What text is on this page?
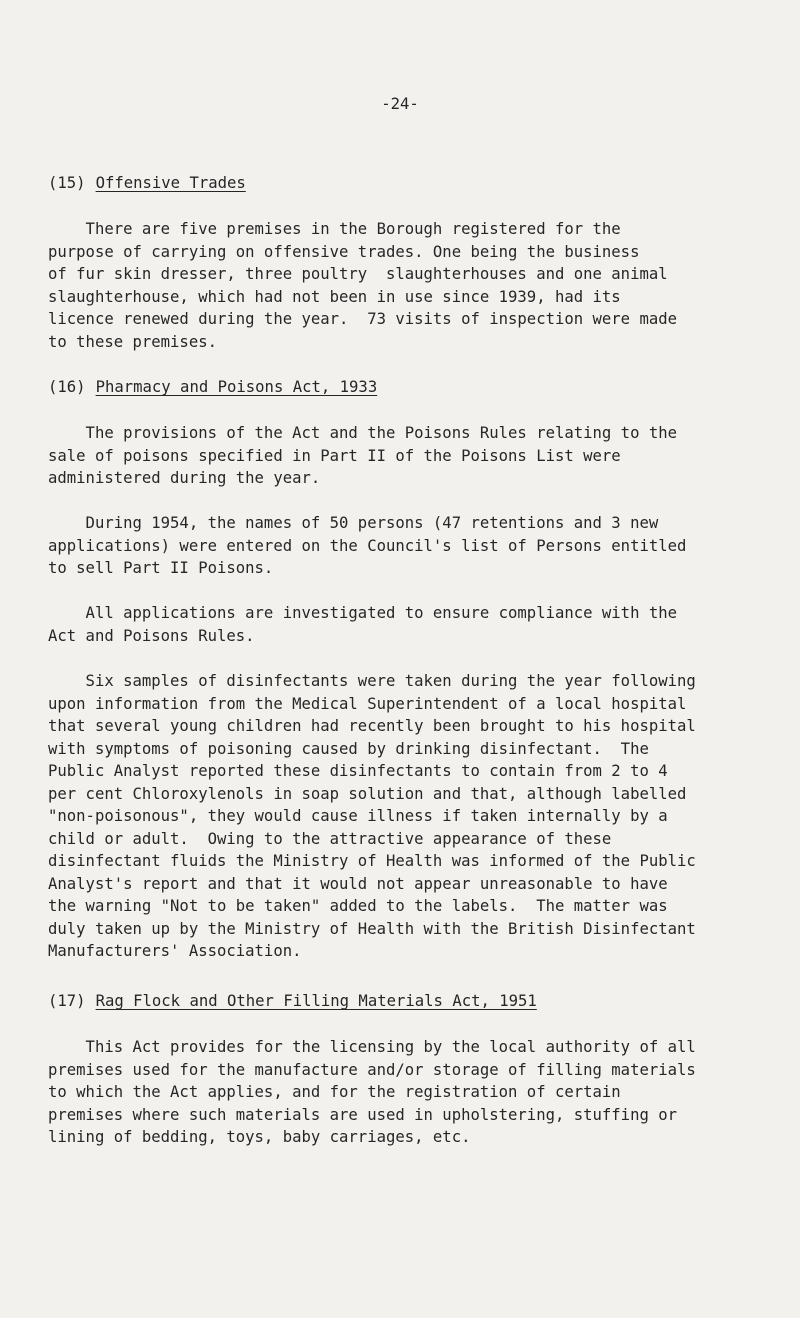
-24-
(15) Offensive Trades
There are five premises in the Borough registered for the
purpose of carrying on offensive trades. One being the business
of fur skin dresser, three poultry  slaughterhouses and one animal
slaughterhouse, which had not been in use since 1939, had its
licence renewed during the year.  73 visits of inspection were made
to these premises.
(16) Pharmacy and Poisons Act, 1933
The provisions of the Act and the Poisons Rules relating to the
sale of poisons specified in Part II of the Poisons List were
administered during the year.
During 1954, the names of 50 persons (47 retentions and 3 new
applications) were entered on the Council's list of Persons entitled
to sell Part II Poisons.
All applications are investigated to ensure compliance with the
Act and Poisons Rules.
Six samples of disinfectants were taken during the year following
upon information from the Medical Superintendent of a local hospital
that several young children had recently been brought to his hospital
with symptoms of poisoning caused by drinking disinfectant.  The
Public Analyst reported these disinfectants to contain from 2 to 4
per cent Chloroxylenols in soap solution and that, although labelled
"non-poisonous", they would cause illness if taken internally by a
child or adult.  Owing to the attractive appearance of these
disinfectant fluids the Ministry of Health was informed of the Public
Analyst's report and that it would not appear unreasonable to have
the warning "Not to be taken" added to the labels.  The matter was
duly taken up by the Ministry of Health with the British Disinfectant
Manufacturers' Association.
(17) Rag Flock and Other Filling Materials Act, 1951
This Act provides for the licensing by the local authority of all
premises used for the manufacture and/or storage of filling materials
to which the Act applies, and for the registration of certain
premises where such materials are used in upholstering, stuffing or
lining of bedding, toys, baby carriages, etc.
